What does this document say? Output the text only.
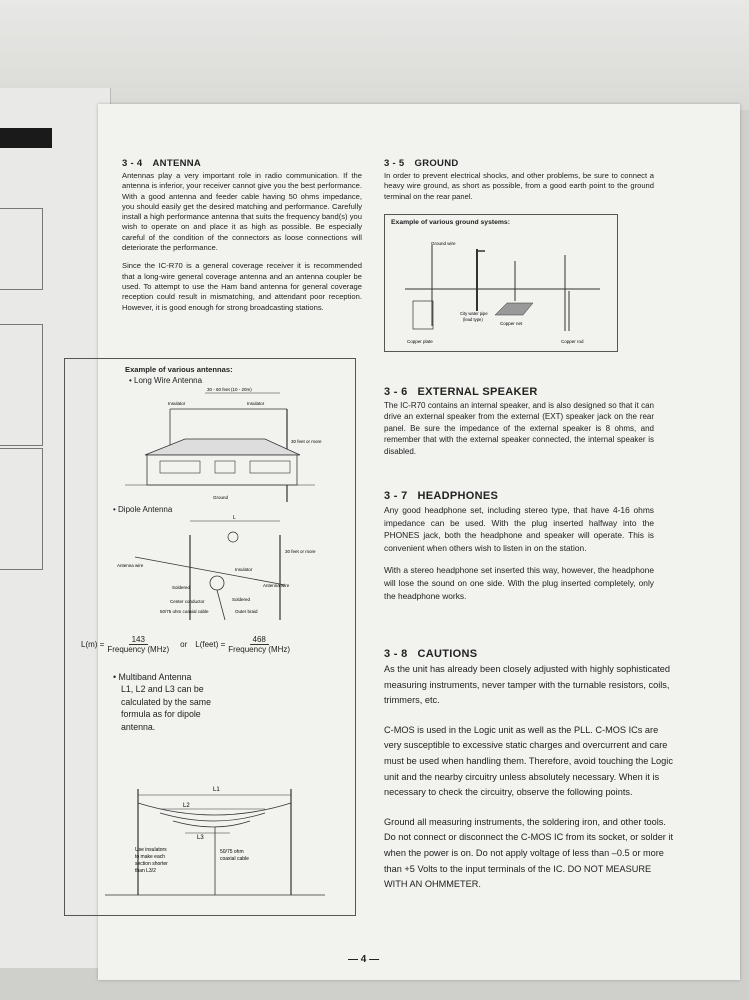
3 - 4 ANTENNA

Antennas play a very important role in radio communication. If the antenna is inferior, your receiver cannot give you the best performance. With a good antenna and feeder cable having 50 ohms impedance, you should easily get the desired matching and performance. Carefully install a high performance antenna that suits the frequency band(s) you wish to operate on and place it as high as possible. Be especially careful of the condition of the connectors as loose connections will deteriorate the performance.

Since the IC-R70 is a general coverage receiver it is recommended that a long-wire general coverage antenna and an antenna coupler be used. To attempt to use the Ham band antenna for general coverage reception could result in mismatching, and attendant poor reception. However, it is good enough for strong broadcasting stations.

Example of various antennas:
• Long Wire Antenna
30 - 60 feet (10 - 20m)
Insulator	Insulator
30 feet or more
Ground
• Dipole Antenna
L
30 feet or more
Antenna wire
Insulator
Soldered	Antenna wire
Center conductor	Soldered
50/75 ohm coaxial cable	Outer braid
$L(m) = \frac{143}{\text{Frequency (MHz)}}$ or L(feet) = $\frac{468}{\text{Frequency (MHz)}}$
• Multiband Antenna
L1, L2 and L3 can be
calculated by the same
formula as for dipole
antenna.
L1
L2
L3
Use insulators
to make each
section shorter
than L3/2
50/75 ohm
coaxial cable
3 - 5 GROUND

In order to prevent electrical shocks, and other problems, be sure to connect a heavy wire ground, as short as possible, from a good earth point to the ground terminal on the rear panel.

Example of various ground systems:
Ground wire
Copper plate
City water pipe
(lead type)
Copper net
Copper rod
3 - 6 EXTERNAL SPEAKER

The IC-R70 contains an internal speaker, and is also designed so that it can drive an external speaker from the external (EXT) speaker jack on the rear panel. Be sure the impedance of the external speaker is 8 ohms, and remember that with the external speaker connected, the internal speaker is disabled.

3 - 7 HEADPHONES

Any good headphone set, including stereo type, that have 4-16 ohms impedance can be used. With the plug inserted halfway into the PHONES jack, both the headphone and speaker will operate. This is convenient when others wish to listen in on the station.

With a stereo headphone set inserted this way, however, the headphone will lose the sound on one side. With the plug inserted completely, only the headphone works.

3 - 8 CAUTIONS

As the unit has already been closely adjusted with highly sophisticated measuring instruments, never tamper with the turnable resistors, coils, trimmers, etc.

C-MOS is used in the Logic unit as well as the PLL. C-MOS ICs are very susceptible to excessive static charges and overcurrent and care must be used when handling them. Therefore, avoid touching the Logic unit and the nearby circuitry unless absolutely necessary. When it is necessary to check the circuitry, observe the following points.

Ground all measuring instruments, the soldering iron, and other tools. Do not connect or disconnect the C-MOS IC from its socket, or solder it when the power is on. Do not apply voltage of less than –0.5 or more than +5 Volts to the input terminals of the IC. DO NOT MEASURE WITH AN OHMMETER.

— 4 —
